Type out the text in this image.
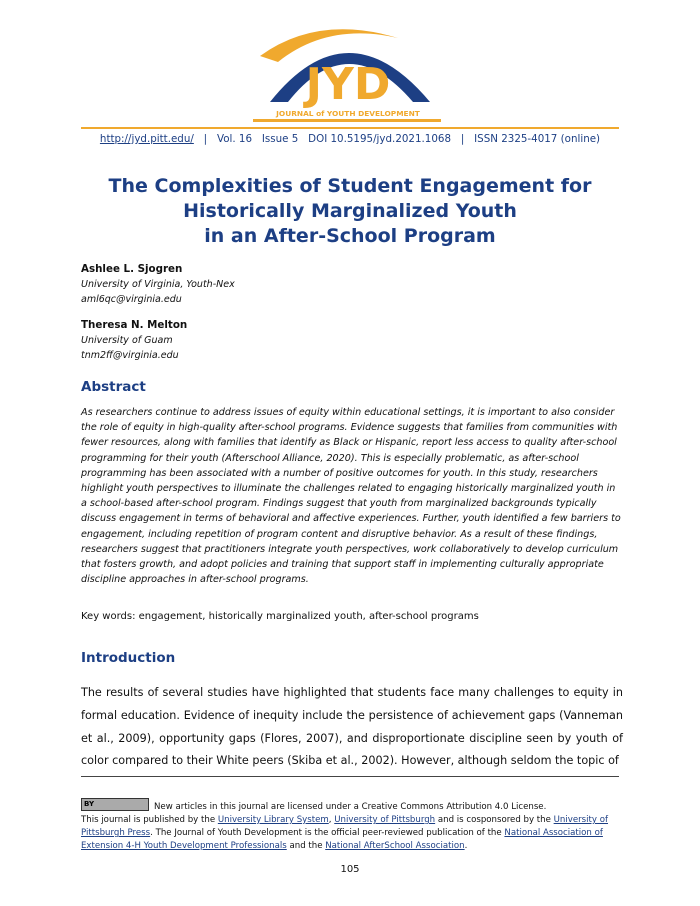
JYD
JOURNAL of YOUTH DEVELOPMENT
http://jyd.pitt.edu/ | Vol. 16 Issue 5 DOI 10.5195/jyd.2021.1068 | ISSN 2325-4017 (online)
The Complexities of Student Engagement for
Historically Marginalized Youth
in an After-School Program
Ashlee L. Sjogren
University of Virginia, Youth-Nex
aml6qc@virginia.edu
Theresa N. Melton
University of Guam
tnm2ff@virginia.edu
Abstract

As researchers continue to address issues of equity within educational settings, it is important to also consider the role of equity in high-quality after-school programs. Evidence suggests that families from communities with fewer resources, along with families that identify as Black or Hispanic, report less access to quality after-school programming for their youth (Afterschool Alliance, 2020). This is especially problematic, as after-school programming has been associated with a number of positive outcomes for youth. In this study, researchers highlight youth perspectives to illuminate the challenges related to engaging historically marginalized youth in a school-based after-school program. Findings suggest that youth from marginalized backgrounds typically discuss engagement in terms of behavioral and affective experiences. Further, youth identified a few barriers to engagement, including repetition of program content and disruptive behavior. As a result of these findings, researchers suggest that practitioners integrate youth perspectives, work collaboratively to develop curriculum that fosters growth, and adopt policies and training that support staff in implementing culturally appropriate discipline approaches in after-school programs.

Key words: engagement, historically marginalized youth, after-school programs

Introduction

The results of several studies have highlighted that students face many challenges to equity in formal education. Evidence of inequity include the persistence of achievement gaps (Vanneman et al., 2009), opportunity gaps (Flores, 2007), and disproportionate discipline seen by youth of color compared to their White peers (Skiba et al., 2002). However, although seldom the topic of

BY	New articles in this journal are licensed under a Creative Commons Attribution 4.0 License.
This journal is published by the University Library System, University of Pittsburgh and is cosponsored by the University of Pittsburgh Press. The Journal of Youth Development is the official peer-reviewed publication of the National Association of Extension 4-H Youth Development Professionals and the National AfterSchool Association.

105
